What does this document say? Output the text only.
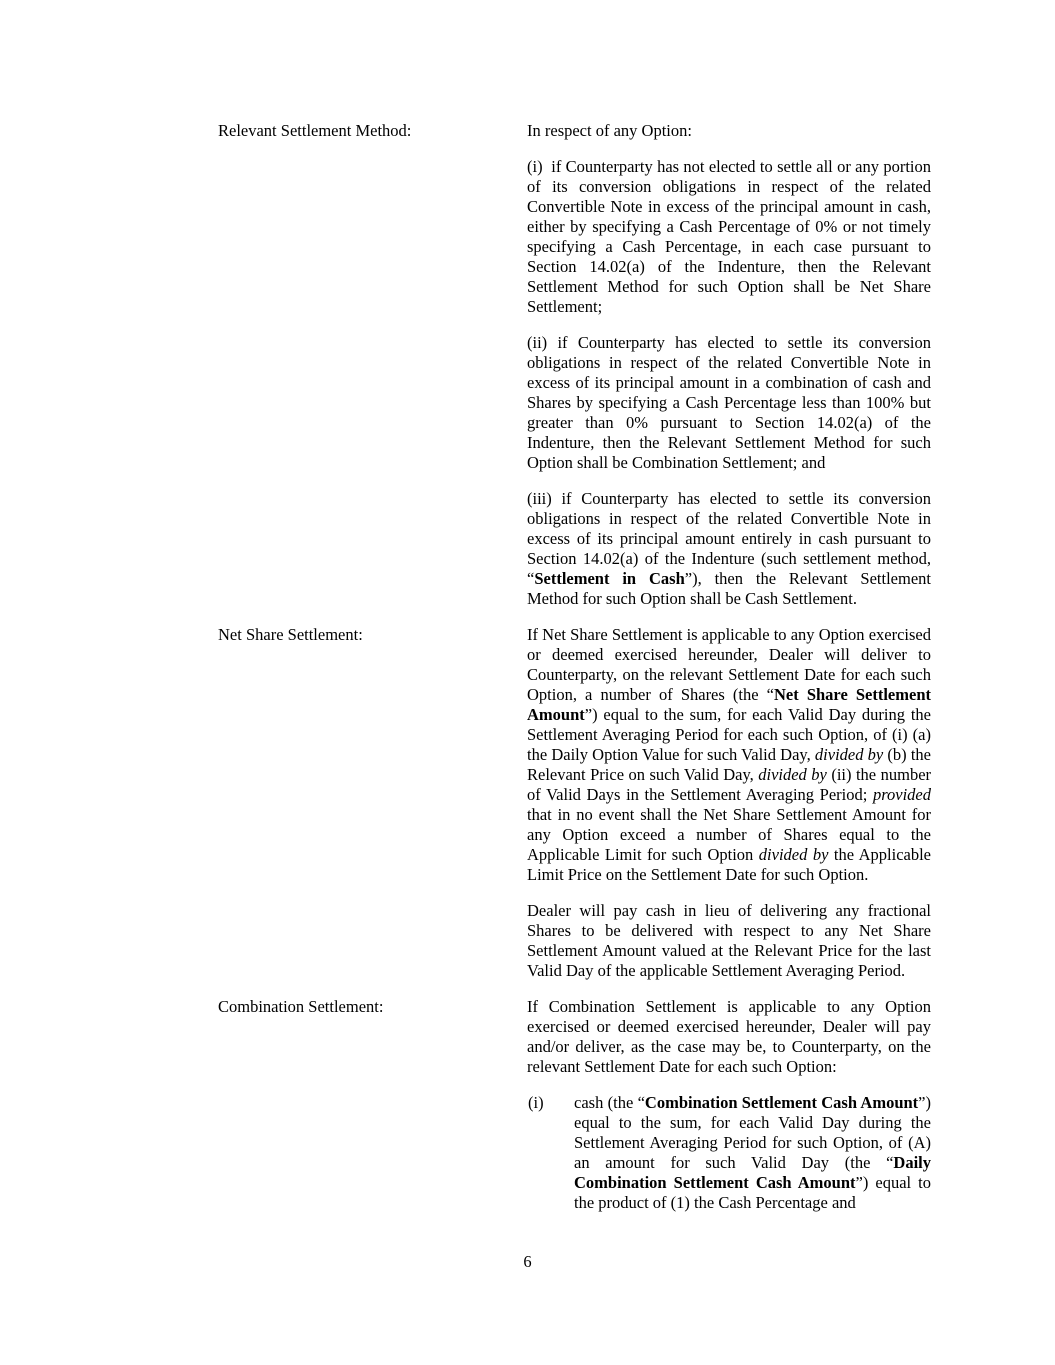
Relevant Settlement Method:	In respect of any Option:

(i)  if Counterparty has not elected to settle all or any portion of its conversion obligations in respect of the related Convertible Note in excess of the principal amount in cash, either by specifying a Cash Percentage of 0% or not timely specifying a Cash Percentage, in each case pursuant to Section 14.02(a) of the Indenture, then the Relevant Settlement Method for such Option shall be Net Share Settlement;

(ii) if Counterparty has elected to settle its conversion obligations in respect of the related Convertible Note in excess of its principal amount in a combination of cash and Shares by specifying a Cash Percentage less than 100% but greater than 0% pursuant to Section 14.02(a) of the Indenture, then the Relevant Settlement Method for such Option shall be Combination Settlement; and

(iii) if Counterparty has elected to settle its conversion obligations in respect of the related Convertible Note in excess of its principal amount entirely in cash pursuant to Section 14.02(a) of the Indenture (such settlement method, “Settlement in Cash”), then the Relevant Settlement Method for such Option shall be Cash Settlement.

Net Share Settlement:	If Net Share Settlement is applicable to any Option exercised or deemed exercised hereunder, Dealer will deliver to Counterparty, on the relevant Settlement Date for each such Option, a number of Shares (the “Net Share Settlement Amount”) equal to the sum, for each Valid Day during the Settlement Averaging Period for each such Option, of (i) (a) the Daily Option Value for such Valid Day, divided by (b) the Relevant Price on such Valid Day, divided by (ii) the number of Valid Days in the Settlement Averaging Period; provided that in no event shall the Net Share Settlement Amount for any Option exceed a number of Shares equal to the Applicable Limit for such Option divided by the Applicable Limit Price on the Settlement Date for such Option.

Dealer will pay cash in lieu of delivering any fractional Shares to be delivered with respect to any Net Share Settlement Amount valued at the Relevant Price for the last Valid Day of the applicable Settlement Averaging Period.

Combination Settlement:	If Combination Settlement is applicable to any Option exercised or deemed exercised hereunder, Dealer will pay and/or deliver, as the case may be, to Counterparty, on the relevant Settlement Date for each such Option:

(i) cash (the “Combination Settlement Cash Amount”) equal to the sum, for each Valid Day during the Settlement Averaging Period for such Option, of (A) an amount for such Valid Day (the “Daily Combination Settlement Cash Amount”) equal to the product of (1) the Cash Percentage and

6
